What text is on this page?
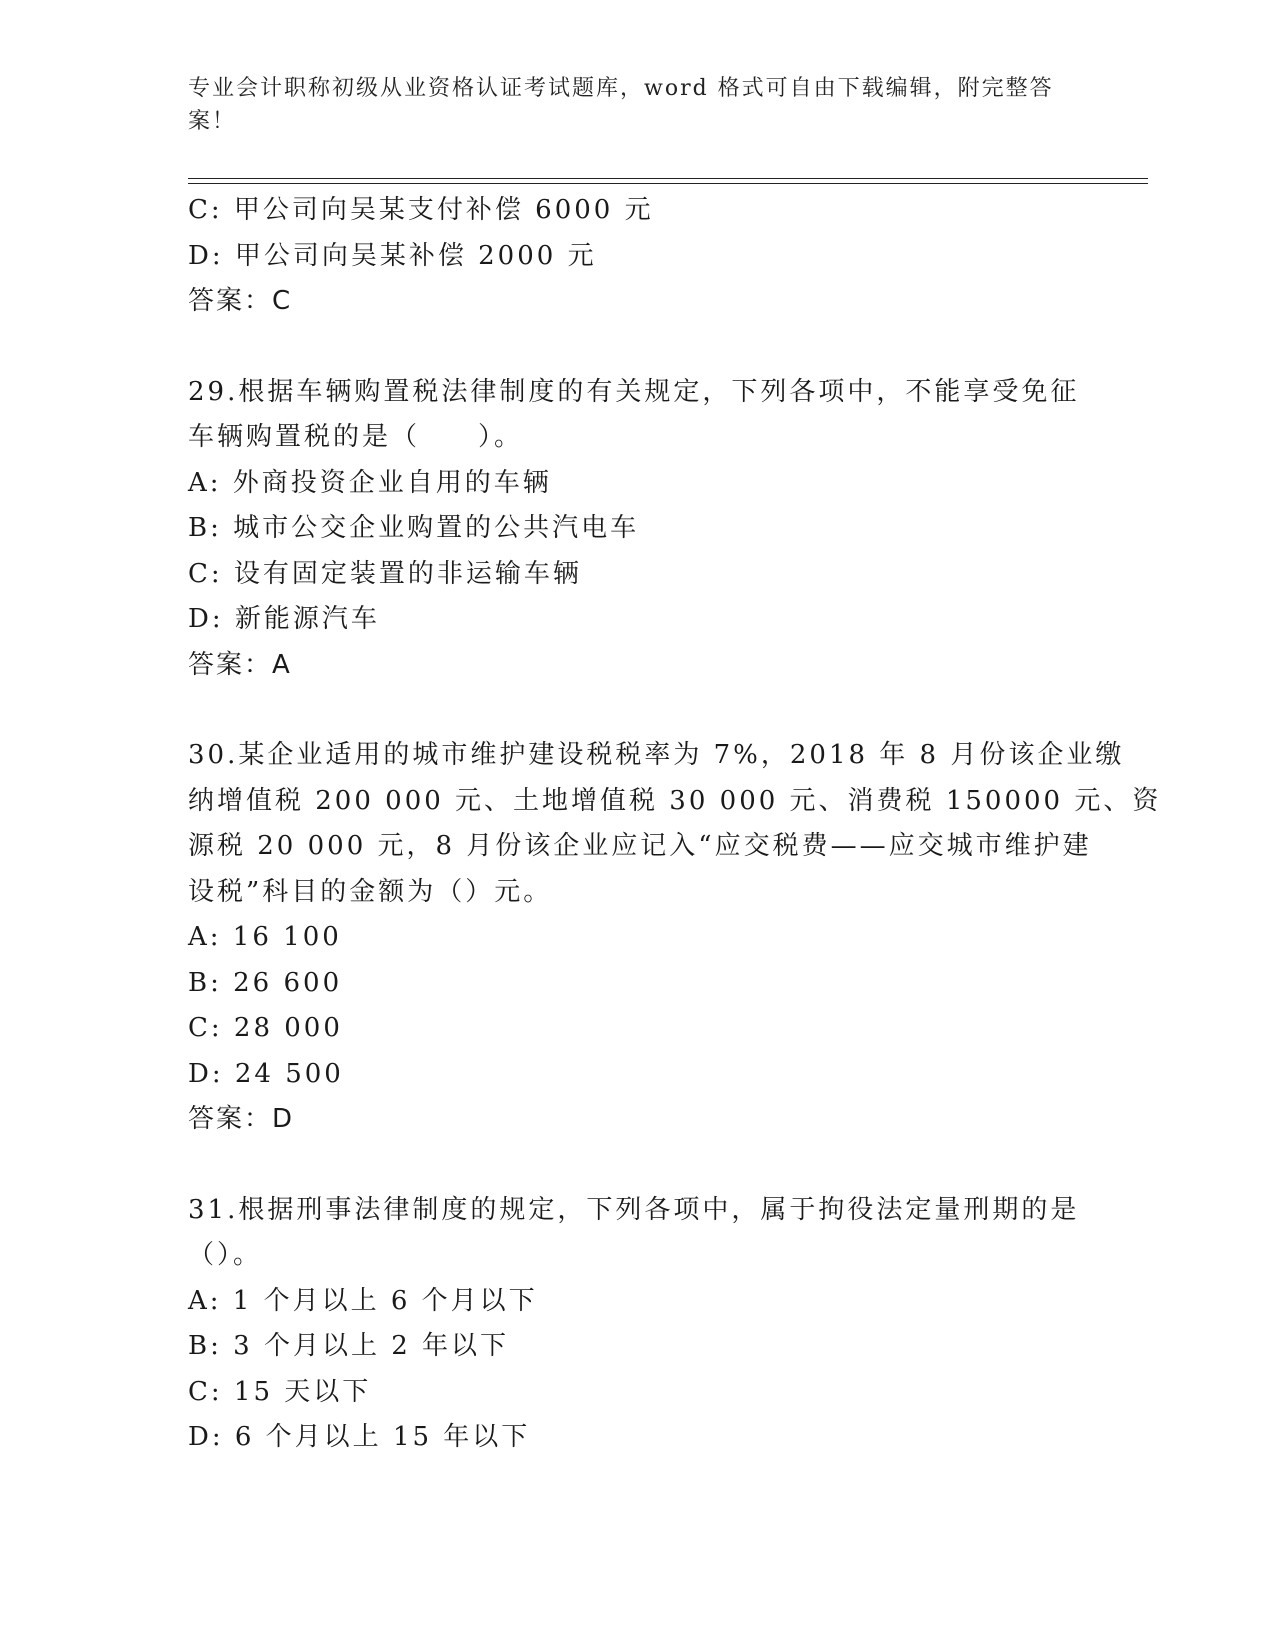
专业会计职称初级从业资格认证考试题库，word 格式可自由下载编辑，附完整答案！
C: 甲公司向吴某支付补偿 6000 元
D: 甲公司向吴某补偿 2000 元
答案：C
29.根据车辆购置税法律制度的有关规定，下列各项中，不能享受免征
车辆购置税的是（　　）。
A: 外商投资企业自用的车辆
B: 城市公交企业购置的公共汽电车
C: 设有固定装置的非运输车辆
D: 新能源汽车
答案：A
30.某企业适用的城市维护建设税税率为 7%，2018 年 8 月份该企业缴
纳增值税 200 000 元、土地增值税 30 000 元、消费税 150000 元、资
源税 20 000 元，8 月份该企业应记入“应交税费——应交城市维护建
设税”科目的金额为（）元。
A: 16 100
B: 26 600
C: 28 000
D: 24 500
答案：D
31.根据刑事法律制度的规定，下列各项中，属于拘役法定量刑期的是
（）。
A: 1 个月以上 6 个月以下
B: 3 个月以上 2 年以下
C: 15 天以下
D: 6 个月以上 15 年以下
